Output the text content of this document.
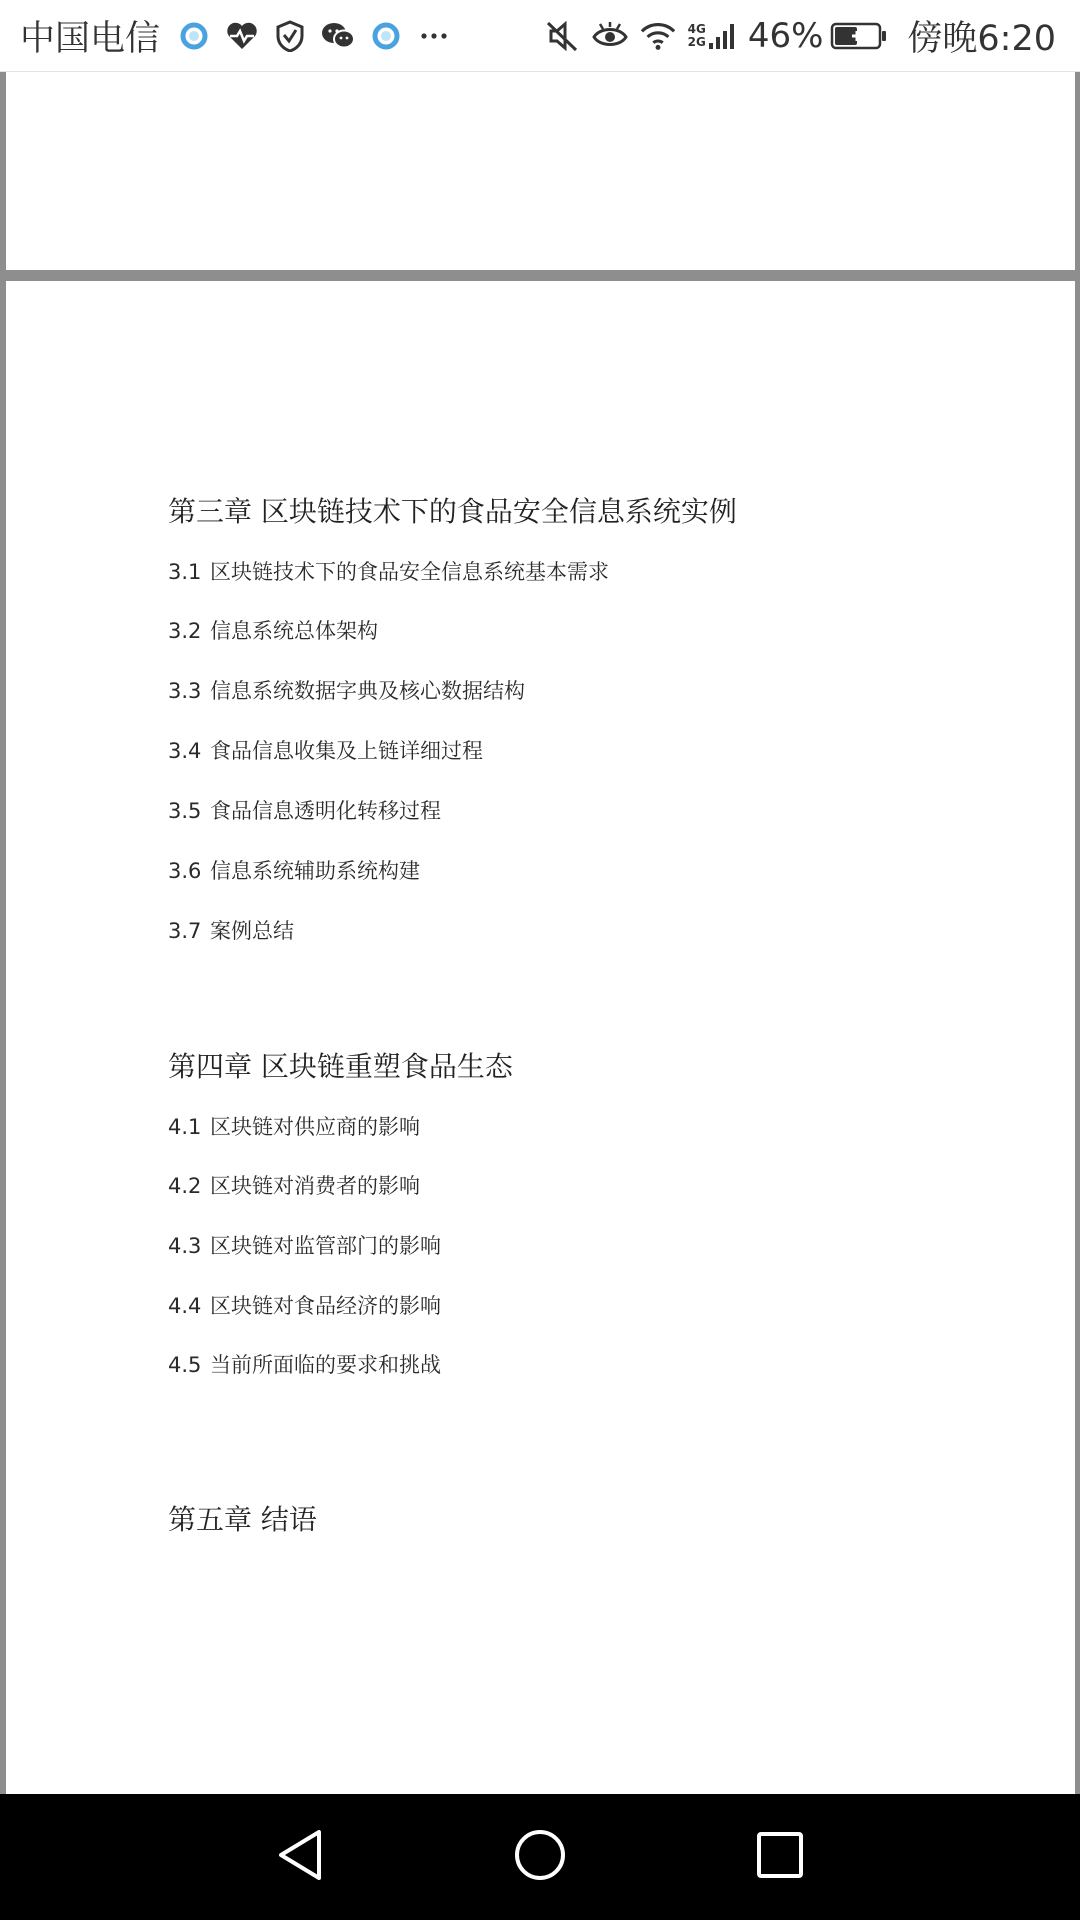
中国电信	4G
2G 46% 傍晚6:20
第三章 区块链技术下的食品安全信息系统实例
3.1 区块链技术下的食品安全信息系统基本需求
3.2 信息系统总体架构
3.3 信息系统数据字典及核心数据结构
3.4 食品信息收集及上链详细过程
3.5 食品信息透明化转移过程
3.6 信息系统辅助系统构建
3.7 案例总结
第四章 区块链重塑食品生态
4.1 区块链对供应商的影响
4.2 区块链对消费者的影响
4.3 区块链对监管部门的影响
4.4 区块链对食品经济的影响
4.5 当前所面临的要求和挑战
第五章 结语
